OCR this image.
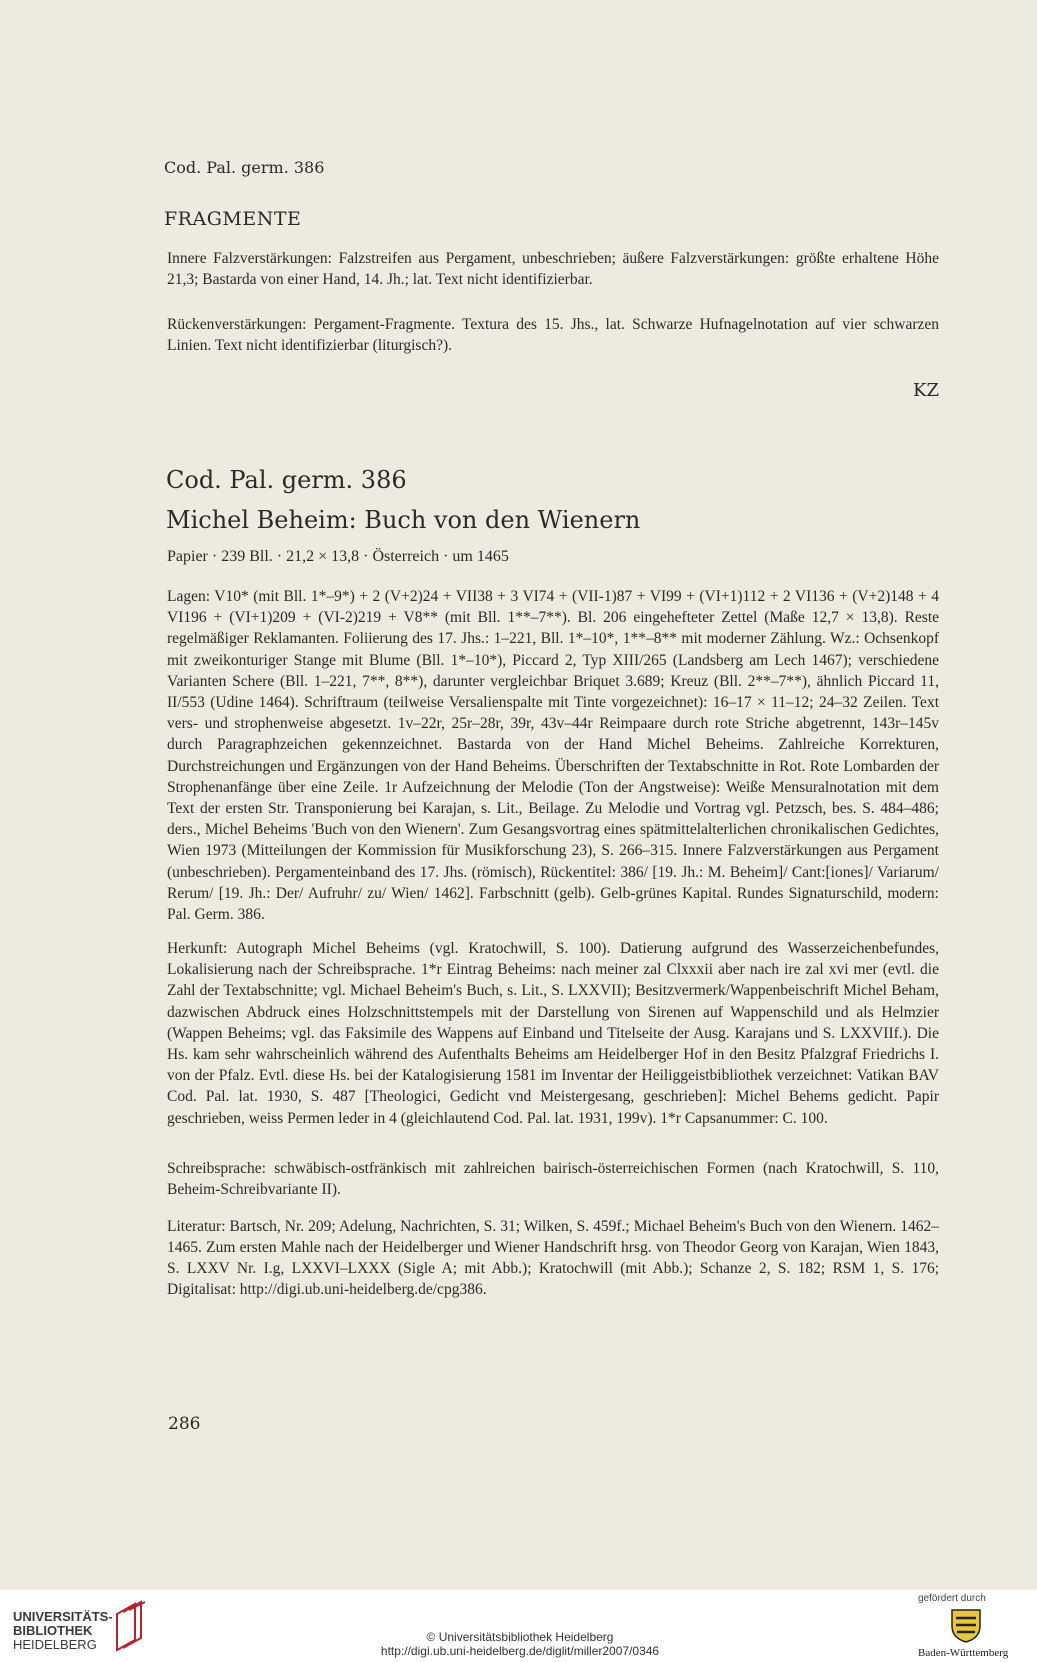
Cod. Pal. germ. 386
FRAGMENTE

Innere Falzverstärkungen: Falzstreifen aus Pergament, unbeschrieben; äußere Falzverstärkungen: größte erhaltene Höhe 21,3; Bastarda von einer Hand, 14. Jh.; lat. Text nicht identifizierbar.

Rückenverstärkungen: Pergament-Fragmente. Textura des 15. Jhs., lat. Schwarze Hufnagelnotation auf vier schwarzen Linien. Text nicht identifizierbar (liturgisch?).

KZ
Cod. Pal. germ. 386
Michel Beheim: Buch von den Wienern
Papier · 239 Bll. · 21,2 × 13,8 · Österreich · um 1465

Lagen: V10* (mit Bll. 1*–9*) + 2 (V+2)24 + VII38 + 3 VI74 + (VII-1)87 + VI99 + (VI+1)112 + 2 VI136 + (V+2)148 + 4 VI196 + (VI+1)209 + (VI-2)219 + V8** (mit Bll. 1**–7**). Bl. 206 eingehefteter Zettel (Maße 12,7 × 13,8). Reste regelmäßiger Reklamanten. Foliierung des 17. Jhs.: 1–221, Bll. 1*–10*, 1**–8** mit moderner Zählung. Wz.: Ochsenkopf mit zweikonturiger Stange mit Blume (Bll. 1*–10*), Piccard 2, Typ XIII/265 (Landsberg am Lech 1467); verschiedene Varianten Schere (Bll. 1–221, 7**, 8**), darunter vergleichbar Briquet 3.689; Kreuz (Bll. 2**–7**), ähnlich Piccard 11, II/553 (Udine 1464). Schriftraum (teilweise Versalienspalte mit Tinte vorgezeichnet): 16–17 × 11–12; 24–32 Zeilen. Text vers- und strophenweise abgesetzt. 1v–22r, 25r–28r, 39r, 43v–44r Reimpaare durch rote Striche abgetrennt, 143r–145v durch Paragraphzeichen gekennzeichnet. Bastarda von der Hand Michel Beheims. Zahlreiche Korrekturen, Durchstreichungen und Ergänzungen von der Hand Beheims. Überschriften der Textabschnitte in Rot. Rote Lombarden der Strophenanfänge über eine Zeile. 1r Aufzeichnung der Melodie (Ton der Angstweise): Weiße Mensuralnotation mit dem Text der ersten Str. Transponierung bei Karajan, s. Lit., Beilage. Zu Melodie und Vortrag vgl. Petzsch, bes. S. 484–486; ders., Michel Beheims 'Buch von den Wienern'. Zum Gesangsvortrag eines spätmittelalterlichen chronikalischen Gedichtes, Wien 1973 (Mitteilungen der Kommission für Musikforschung 23), S. 266–315. Innere Falzverstärkungen aus Pergament (unbeschrieben). Pergamenteinband des 17. Jhs. (römisch), Rückentitel: 386/ [19. Jh.: M. Beheim]/ Cant:[iones]/ Variarum/ Rerum/ [19. Jh.: Der/ Aufruhr/ zu/ Wien/ 1462]. Farbschnitt (gelb). Gelb-grünes Kapital. Rundes Signaturschild, modern: Pal. Germ. 386.

Herkunft: Autograph Michel Beheims (vgl. Kratochwill, S. 100). Datierung aufgrund des Wasserzeichenbefundes, Lokalisierung nach der Schreibsprache. 1*r Eintrag Beheims: nach meiner zal Clxxxii aber nach ire zal xvi mer (evtl. die Zahl der Textabschnitte; vgl. Michael Beheim's Buch, s. Lit., S. LXXVII); Besitzvermerk/Wappenbeischrift Michel Beham, dazwischen Abdruck eines Holzschnittstempels mit der Darstellung von Sirenen auf Wappenschild und als Helmzier (Wappen Beheims; vgl. das Faksimile des Wappens auf Einband und Titelseite der Ausg. Karajans und S. LXXVIIf.). Die Hs. kam sehr wahrscheinlich während des Aufenthalts Beheims am Heidelberger Hof in den Besitz Pfalzgraf Friedrichs I. von der Pfalz. Evtl. diese Hs. bei der Katalogisierung 1581 im Inventar der Heiliggeistbibliothek verzeichnet: Vatikan BAV Cod. Pal. lat. 1930, S. 487 [Theologici, Gedicht vnd Meistergesang, geschrieben]: Michel Behems gedicht. Papir geschrieben, weiss Permen leder in 4 (gleichlautend Cod. Pal. lat. 1931, 199v). 1*r Capsanummer: C. 100.

Schreibsprache: schwäbisch-ostfränkisch mit zahlreichen bairisch-österreichischen Formen (nach Kratochwill, S. 110, Beheim-Schreibvariante II).

Literatur: Bartsch, Nr. 209; Adelung, Nachrichten, S. 31; Wilken, S. 459f.; Michael Beheim's Buch von den Wienern. 1462–1465. Zum ersten Mahle nach der Heidelberger und Wiener Handschrift hrsg. von Theodor Georg von Karajan, Wien 1843, S. LXXV Nr. I.g, LXXVI–LXXX (Sigle A; mit Abb.); Kratochwill (mit Abb.); Schanze 2, S. 182; RSM 1, S. 176; Digitalisat: http://digi.ub.uni-heidelberg.de/cpg386.

286
UNIVERSITÄTS-
BIBLIOTHEK
HEIDELBERG	© Universitätsbibliothek Heidelberg
http://digi.ub.uni-heidelberg.de/diglit/miller2007/0346
gefördert durch
Baden-Württemberg
